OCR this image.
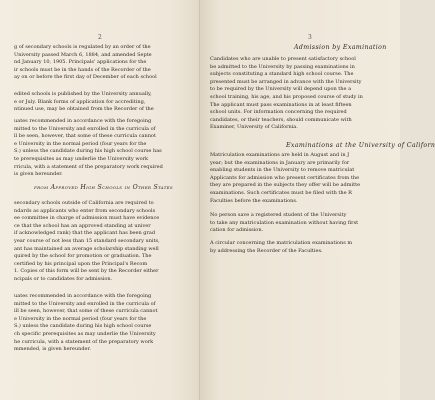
2
g of secondary schools is regulated by an order of the
University passed March 6, 1884, and amended Septe
nd January 10, 1905. Principals' applications for the
ir schools must be in the hands of the Recorder of the
ay on or before the first day of December of each school
edited schools is published by the University annually,
e or July. Blank forms of application for accrediting,
ntinued use, may be obtained from the Recorder of the
uates recommended in accordance with the foregoing
mitted to the University and enrolled in the curricula of
ll be seen, however, that some of these curricula cannot
e University in the normal period (four years for the
S.) unless the candidate during his high school course has
te prerequisites as may underlie the University work
rricula, with a statement of the preparatory work required
is given hereunder.
from Approved High Schools in Other States
secondary schools outside of California are required to
ndards as applicants who enter from secondary schools
ee committee in charge of admission must have evidence
ce that the school has an approved standing at univer
if acknowledged rank) that the applicant has been grad
year course of not less than 15 standard secondary units,
ant has maintained an average scholarship standing well
quired by the school for promotion or graduation. The
certified by his principal upon the Principal's Recom
1. Copies of this form will be sent by the Recorder either
ncipals or to candidates for admission.
uates recommended in accordance with the foregoing
mitted to the University and enrolled in the curricula of
ill be seen, however, that some of these curricula cannot
e University in the normal period (four years for the
S.) unless the candidate during his high school course
ch specific prerequisites as may underlie the University
he curricula, with a statement of the preparatory work
mmended, is given hereunder.
3
Admission by Examination
Candidates who are unable to present satisfactory school
be admitted to the University by passing examinations in
subjects constituting a standard high school course. The
presented must be arranged in advance with the University
to be required by the University will depend upon the a
school training, his age, and his proposed course of study in
The applicant must pass examinations in at least fifteen
school units. For information concerning the required
candidates, or their teachers, should communicate with
Examiner, University of California.
Examinations at the University of Californ
Matriculation examinations are held in August and in J
year; but the examinations in January are primarily for
enabling students in the University to remove matriculat
Applicants for admission who present certificates from the
they are prepared in the subjects they offer will be admitte
examinations. Such certificates must be filed with the R
Faculties before the examinations.
No person save a registered student of the University
to take any matriculation examination without having first
cation for admission.
A circular concerning the matriculation examinations m
by addressing the Recorder of the Faculties.
